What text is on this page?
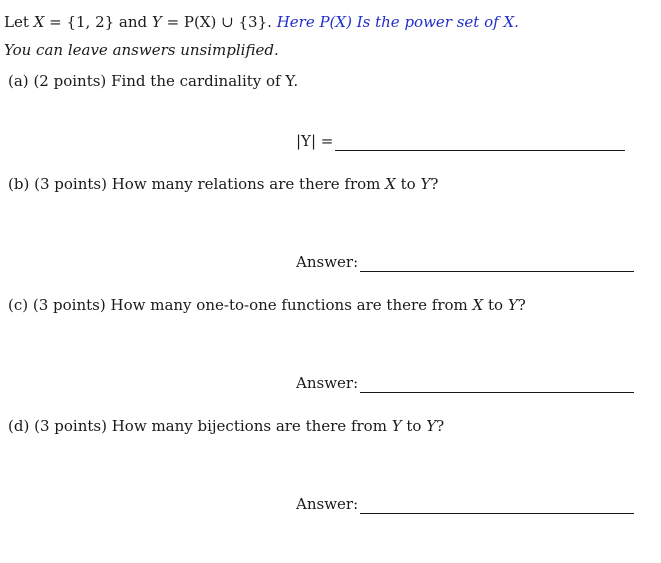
Let X = {1, 2} and Y = P(X) ∪ {3}. Here P(X) Is the power set of X.
You can leave answers unsimplified.
(a) (2 points) Find the cardinality of Y.
|Y| =
(b) (3 points) How many relations are there from X to Y?
Answer:
(c) (3 points) How many one-to-one functions are there from X to Y?
Answer:
(d) (3 points) How many bijections are there from Y to Y?
Answer:
